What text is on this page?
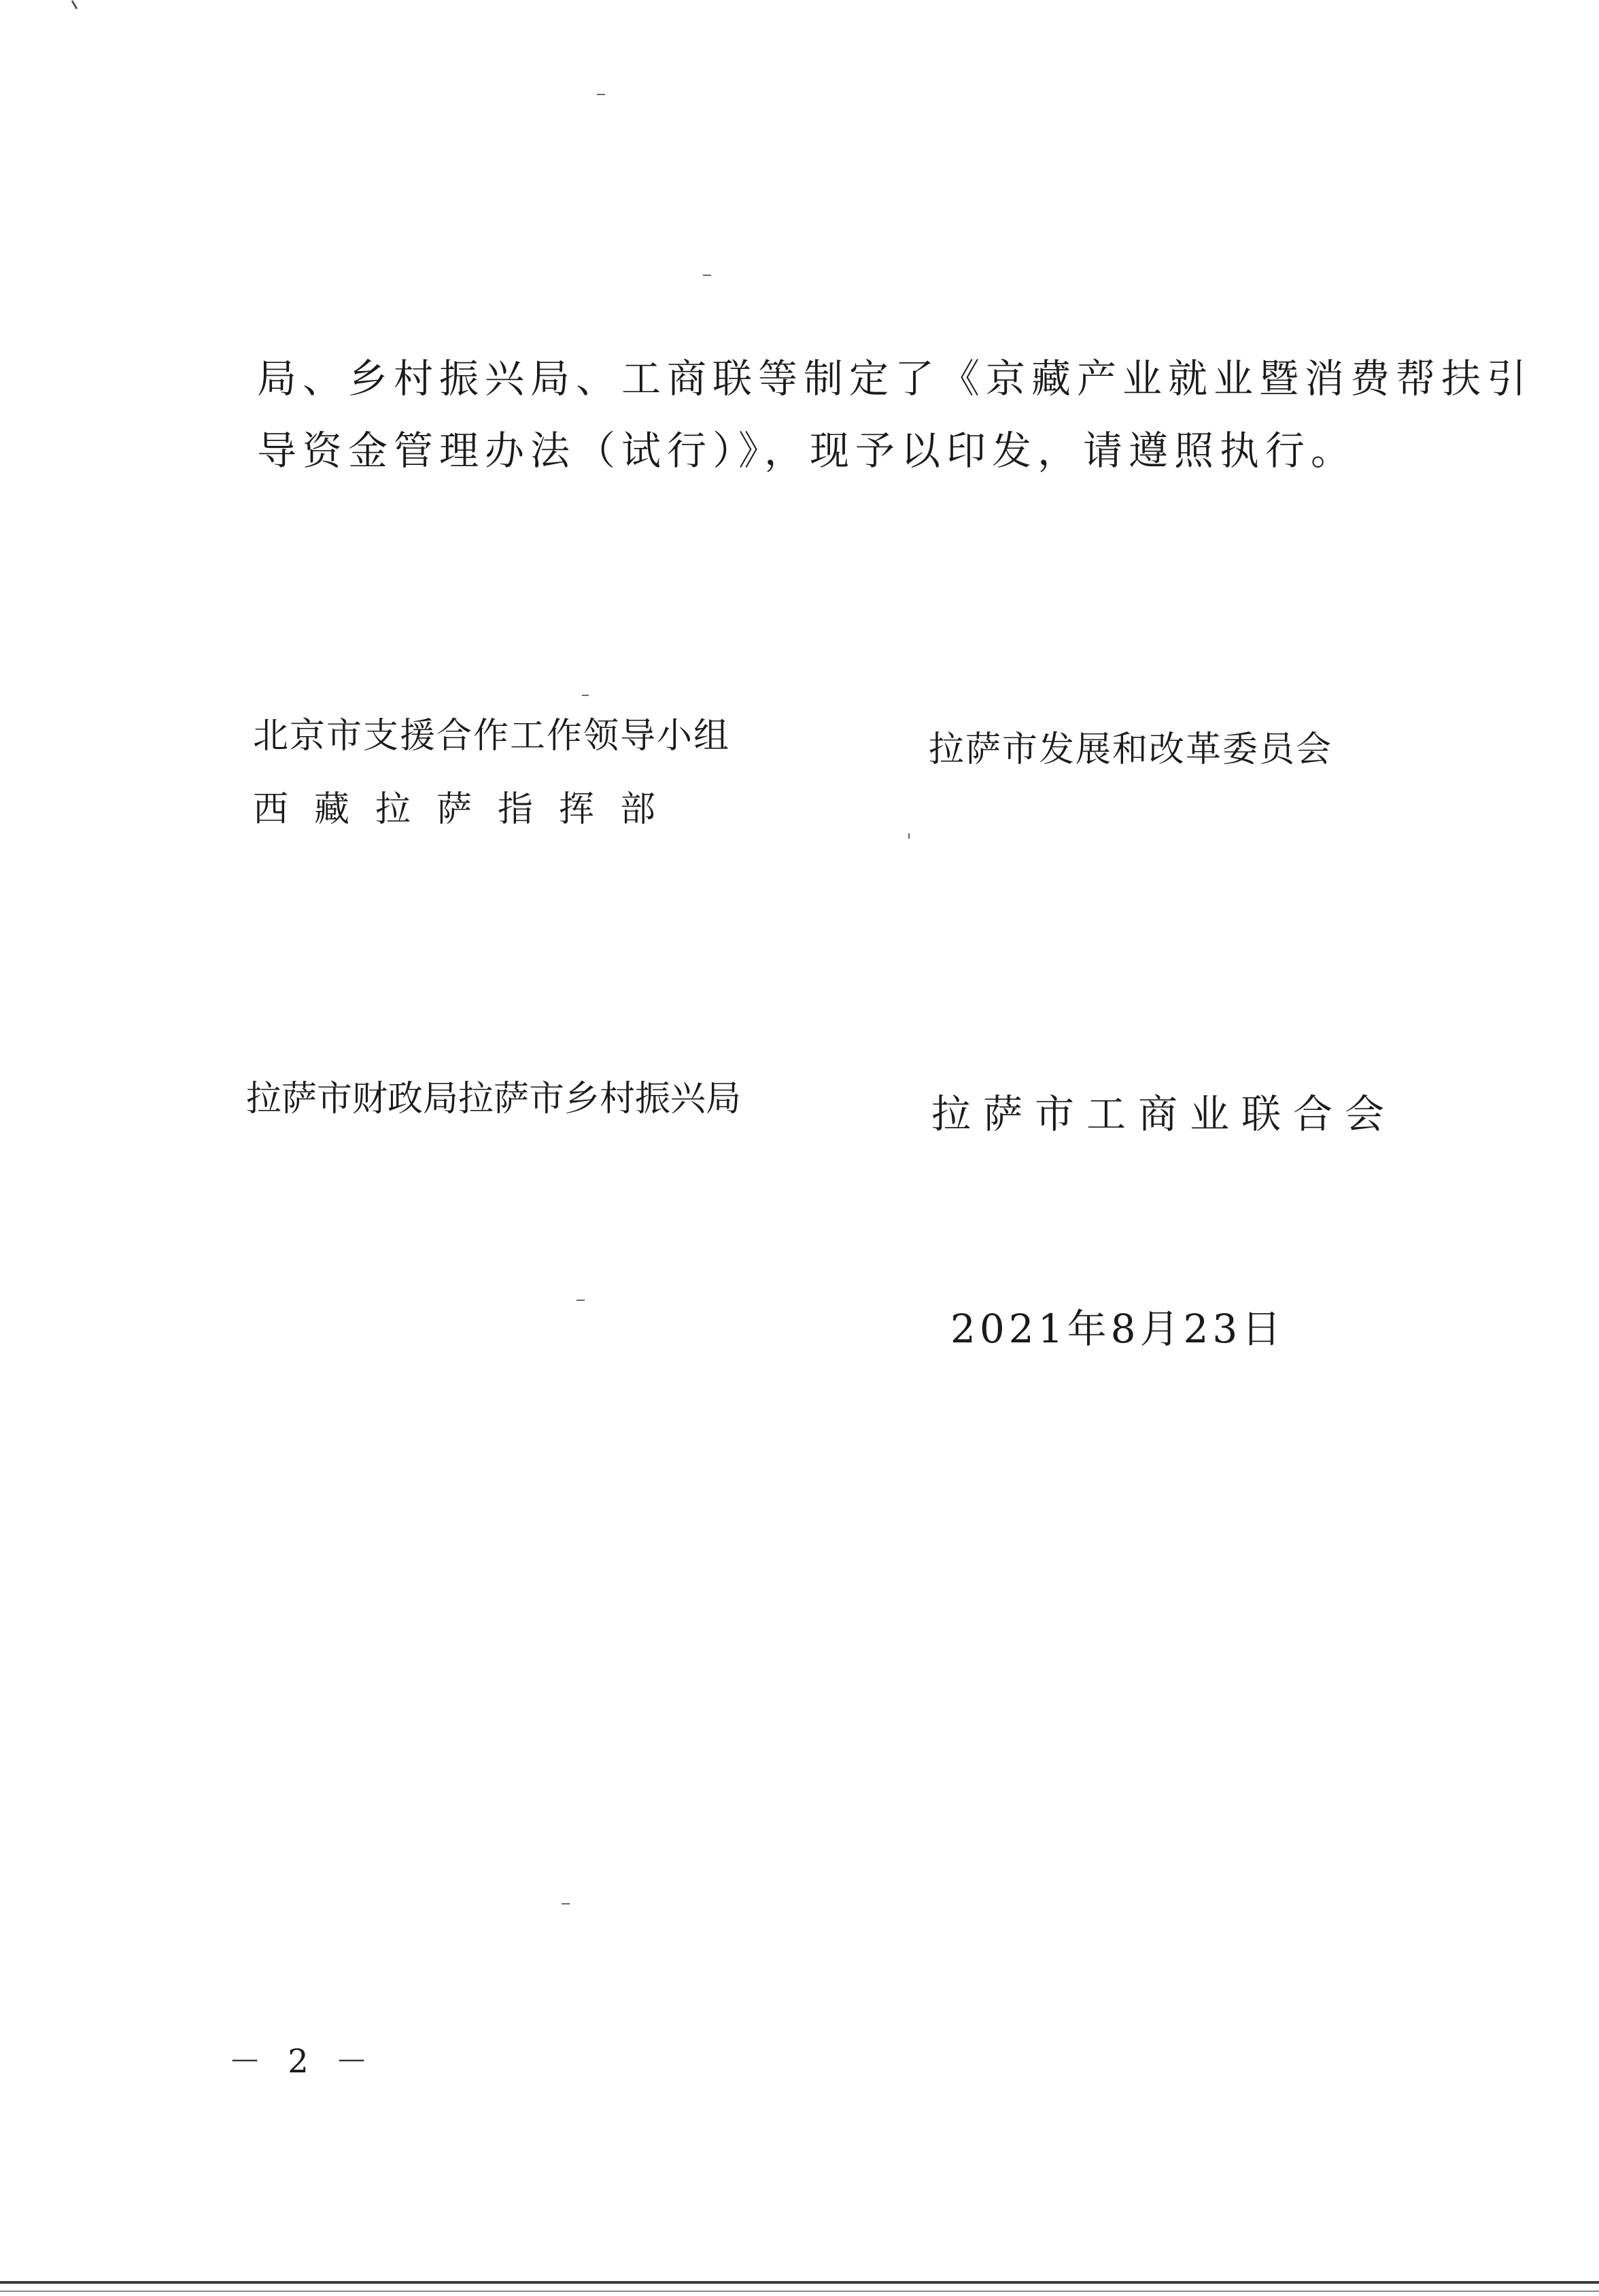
局、乡村振兴局、工商联等制定了《京藏产业就业暨消费帮扶引
导资金管理办法（试行）》，现予以印发，请遵照执行。
北京市支援合作工作领导小组
西藏拉萨指挥部
拉萨市发展和改革委员会
拉萨市财政局拉萨市乡村振兴局	拉萨市工商业联合会
2021年8月23日
－ 2 －
